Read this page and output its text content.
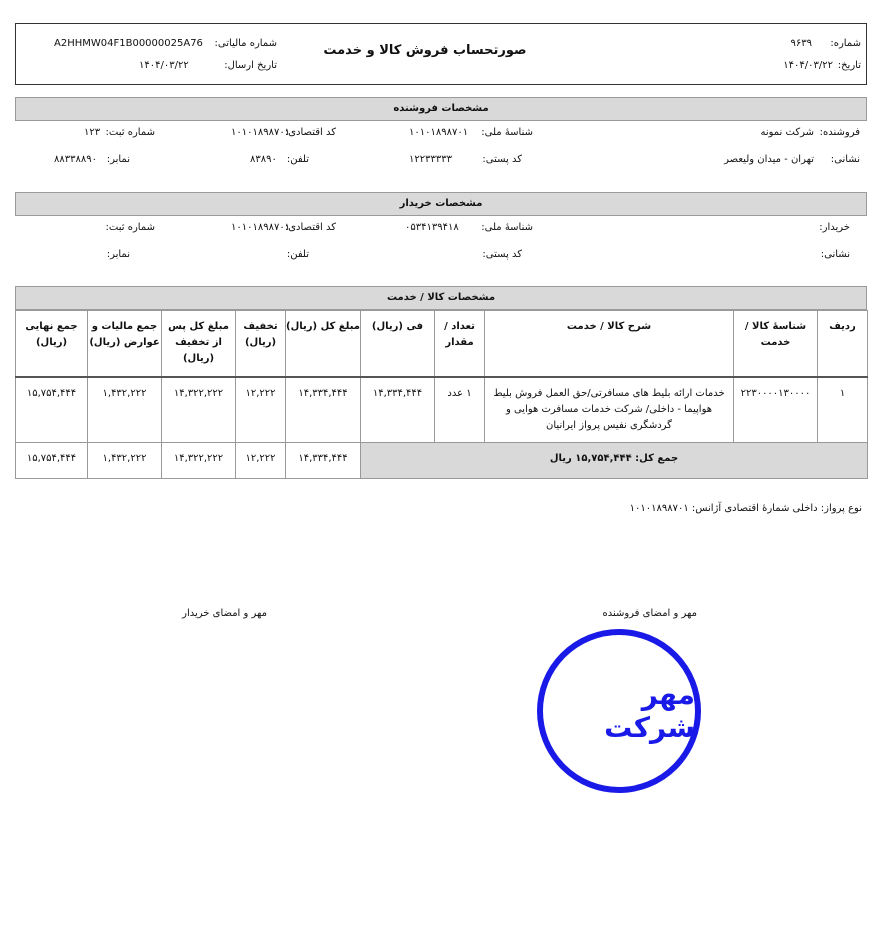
صورتحساب فروش کالا و خدمت	شماره:
۹۶۳۹
تاریخ:
۱۴۰۴/۰۳/۲۲
شماره مالیاتی:
A2HHMW04F1B00000025A76
تاریخ ارسال:
۱۴۰۴/۰۳/۲۲
مشخصات فروشنده
فروشنده:
شرکت نمونه
شناسهٔ ملی:
۱۰۱۰۱۸۹۸۷۰۱
کد اقتصادی:
۱۰۱۰۱۸۹۸۷۰۱
شماره ثبت:
۱۲۳
نشانی:
تهران - میدان ولیعصر
کد پستی:
۱۲۲۳۳۳۳۳
تلفن:
۸۳۸۹۰
نمابر:
۸۸۳۳۸۸۹۰
مشخصات خریدار
خریدار:
شناسهٔ ملی:
۰۵۳۴۱۳۹۴۱۸
کد اقتصادی:
۱۰۱۰۱۸۹۸۷۰۱
شماره ثبت:
نشانی:
کد پستی:
تلفن:
نمابر:
مشخصات کالا / خدمت
ردیف	شناسهٔ کالا / خدمت	شرح کالا / خدمت	تعداد / مقدار	فی (ریال)	مبلغ کل (ریال)	تخفیف (ریال)	مبلغ کل پس از تخفیف (ریال)	جمع مالیات و عوارض (ریال)	جمع نهایی (ریال)
۱	۲۲۳۰۰۰۰۱۳۰۰۰۰	خدمات ارائه بلیط های مسافرتی/حق العمل فروش بلیط هواپیما - داخلی/ شرکت خدمات مسافرت هوایی و گردشگری نفیس پرواز ایرانیان	۱ عدد	۱۴,۳۳۴,۴۴۴	۱۴,۳۳۴,۴۴۴	۱۲,۲۲۲	۱۴,۳۲۲,۲۲۲	۱,۴۳۲,۲۲۲	۱۵,۷۵۴,۴۴۴
جمع کل: ۱۵,۷۵۴,۴۴۴ ریال					۱۴,۳۳۴,۴۴۴	۱۲,۲۲۲	۱۴,۳۲۲,۲۲۲	۱,۴۳۲,۲۲۲	۱۵,۷۵۴,۴۴۴
نوع پرواز: داخلی شمارهٔ اقتصادی آژانس: ۱۰۱۰۱۸۹۸۷۰۱
مهر و امضای فروشنده
مهر و امضای خریدار
مهر شرکت
